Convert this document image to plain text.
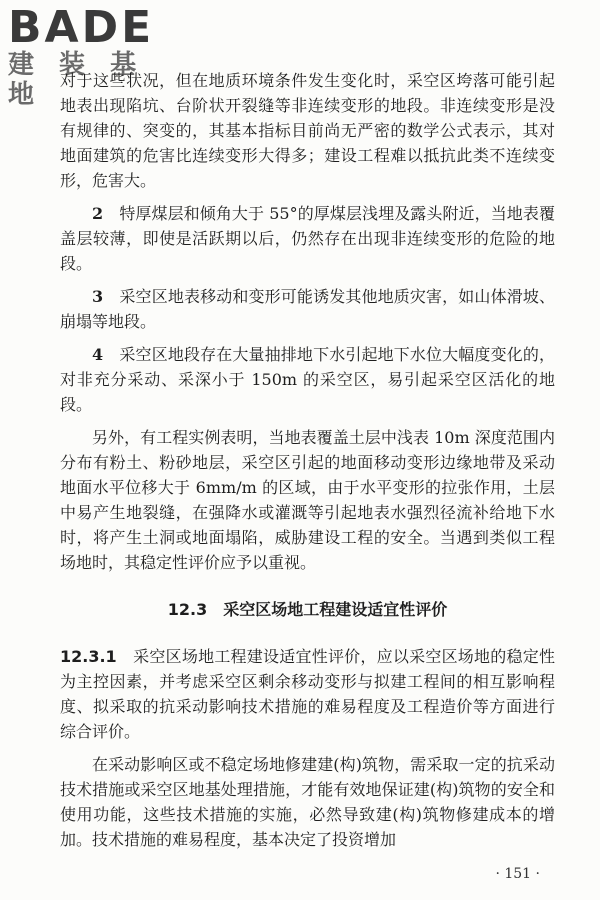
BADE
建 装 基 地	对于这些状况，但在地质环境条件发生变化时，采空区垮落可能引起地表出现陷坑、台阶状开裂缝等非连续变形的地段。非连续变形是没有规律的、突变的，其基本指标目前尚无严密的数学公式表示，其对地面建筑的危害比连续变形大得多；建设工程难以抵抗此类不连续变形，危害大。

2　 特厚煤层和倾角大于 55°的厚煤层浅埋及露头附近，当地表覆盖层较薄，即使是活跃期以后，仍然存在出现非连续变形的危险的地段。

3　 采空区地表移动和变形可能诱发其他地质灾害，如山体滑坡、崩塌等地段。

4　 采空区地段存在大量抽排地下水引起地下水位大幅度变化的，对非充分采动、采深小于 150m 的采空区，易引起采空区活化的地段。

另外，有工程实例表明，当地表覆盖土层中浅表 10m 深度范围内分布有粉土、粉砂地层，采空区引起的地面移动变形边缘地带及采动地面水平位移大于 6mm/m 的区域，由于水平变形的拉张作用，土层中易产生地裂缝，在强降水或灌溉等引起地表水强烈径流补给地下水时，将产生土洞或地面塌陷，威胁建设工程的安全。当遇到类似工程场地时，其稳定性评价应予以重视。

12.3　采空区场地工程建设适宜性评价

12.3.1　 采空区场地工程建设适宜性评价，应以采空区场地的稳定性为主控因素，并考虑采空区剩余移动变形与拟建工程间的相互影响程度、拟采取的抗采动影响技术措施的难易程度及工程造价等方面进行综合评价。

在采动影响区或不稳定场地修建建(构)筑物，需采取一定的抗采动技术措施或采空区地基处理措施，才能有效地保证建(构)筑物的安全和使用功能，这些技术措施的实施，必然导致建(构)筑物修建成本的增加。技术措施的难易程度，基本决定了投资增加

· 151 ·
